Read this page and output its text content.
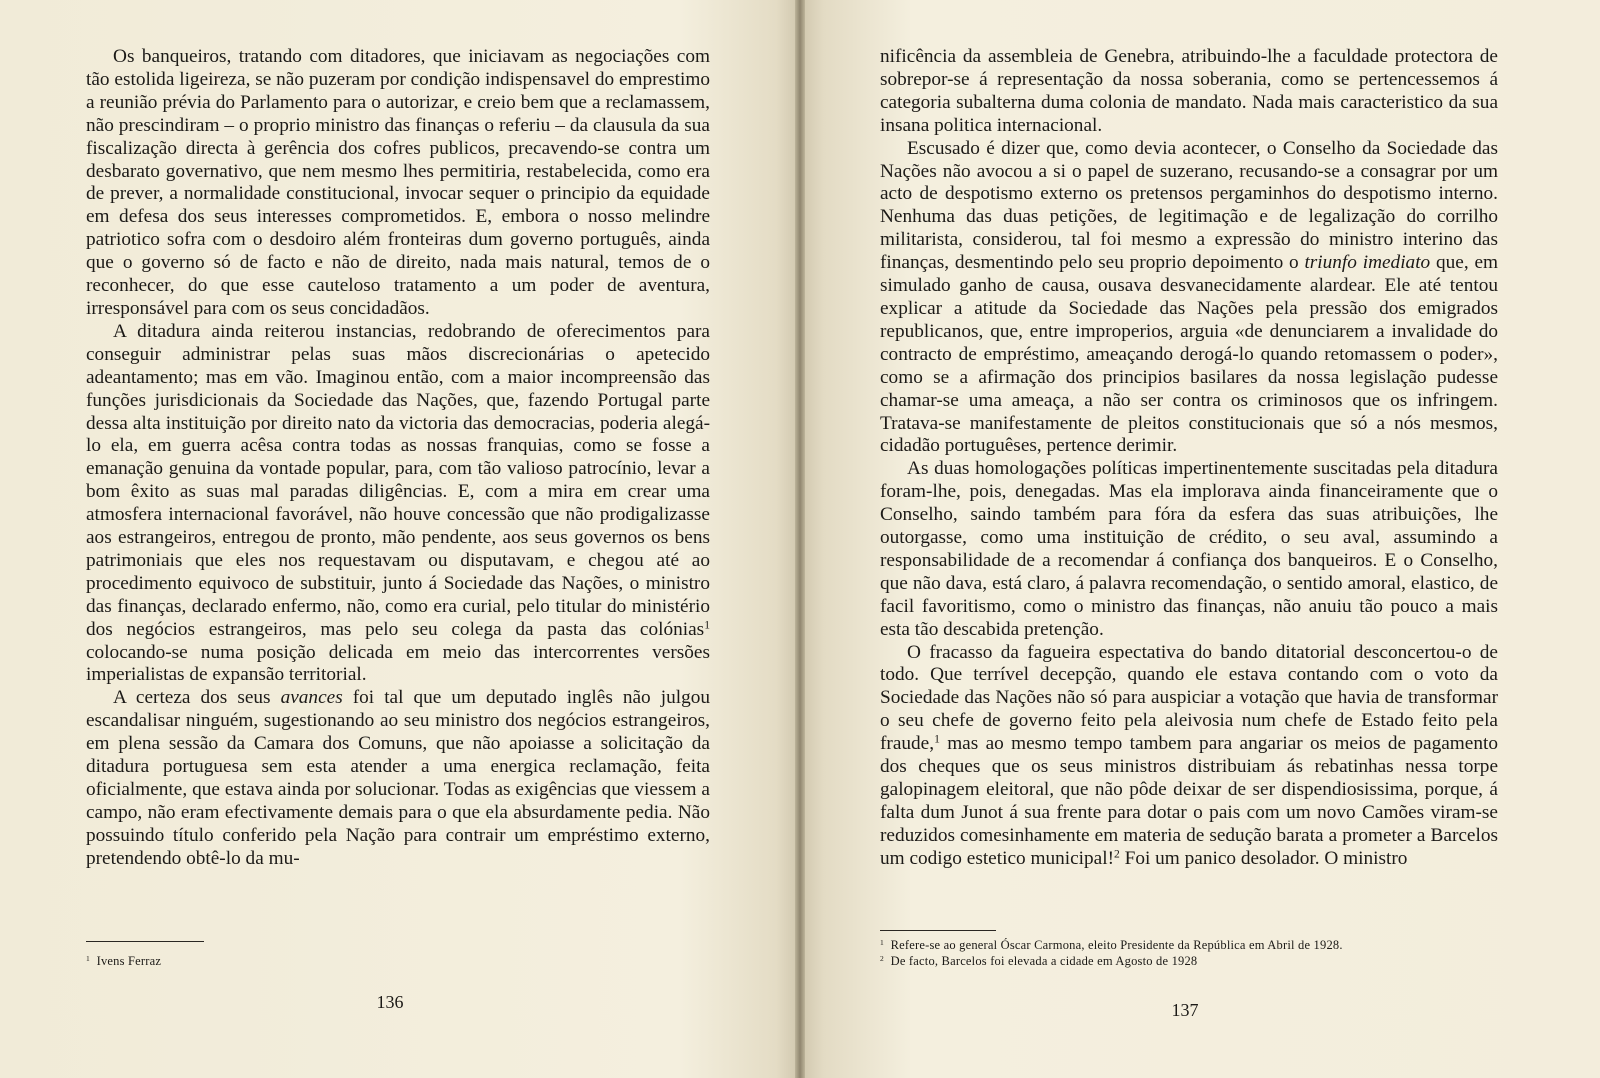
Os banqueiros, tratando com ditadores, que iniciavam as negociações com tão estolida ligeireza, se não puzeram por condição indispensavel do emprestimo a reunião prévia do Parlamento para o autorizar, e creio bem que a reclamassem, não prescindiram – o proprio ministro das finanças o referiu – da clausula da sua fiscalização directa à gerência dos cofres publicos, precavendo-se contra um desbarato governativo, que nem mesmo lhes permitiria, restabelecida, como era de prever, a normalidade constitucional, invocar sequer o principio da equidade em defesa dos seus interesses comprometidos. E, embora o nosso melindre patriotico sofra com o desdoiro além fronteiras dum governo português, ainda que o governo só de facto e não de direito, nada mais natural, temos de o reconhecer, do que esse cauteloso tratamento a um poder de aventura, irresponsável para com os seus concidadãos.

A ditadura ainda reiterou instancias, redobrando de oferecimentos para conseguir administrar pelas suas mãos discrecionárias o apetecido adeantamento; mas em vão. Imaginou então, com a maior incompreensão das funções jurisdicionais da Sociedade das Nações, que, fazendo Portugal parte dessa alta instituição por direito nato da victoria das democracias, poderia alegá-lo ela, em guerra acêsa contra todas as nossas franquias, como se fosse a emanação genuina da vontade popular, para, com tão valioso patrocínio, levar a bom êxito as suas mal paradas diligências. E, com a mira em crear uma atmosfera internacional favorável, não houve concessão que não prodigalizasse aos estrangeiros, entregou de pronto, mão pendente, aos seus governos os bens patrimoniais que eles nos requestavam ou disputavam, e chegou até ao procedimento equivoco de substituir, junto á Sociedade das Nações, o ministro das finanças, declarado enfermo, não, como era curial, pelo titular do ministério dos negócios estrangeiros, mas pelo seu colega da pasta das colónias$^1$ colocando-se numa posição delicada em meio das intercorrentes versões imperialistas de expansão territorial.

A certeza dos seus avances foi tal que um deputado inglês não julgou escandalisar ninguém, sugestionando ao seu ministro dos negócios estrangeiros, em plena sessão da Camara dos Comuns, que não apoiasse a solicitação da ditadura portuguesa sem esta atender a uma energica reclamação, feita oficialmente, que estava ainda por solucionar. Todas as exigências que viessem a campo, não eram efectivamente demais para o que ela absurdamente pedia. Não possuindo título conferido pela Nação para contrair um empréstimo externo, pretendendo obtê-lo da mu-

$^1$ Ivens Ferraz

136

nificência da assembleia de Genebra, atribuindo-lhe a faculdade protectora de sobrepor-se á representação da nossa soberania, como se pertencessemos á categoria subalterna duma colonia de mandato. Nada mais caracteristico da sua insana politica internacional.

Escusado é dizer que, como devia acontecer, o Conselho da Sociedade das Nações não avocou a si o papel de suzerano, recusando-se a consagrar por um acto de despotismo externo os pretensos pergaminhos do despotismo interno. Nenhuma das duas petições, de legitimação e de legalização do corrilho militarista, considerou, tal foi mesmo a expressão do ministro interino das finanças, desmentindo pelo seu proprio depoimento o triunfo imediato que, em simulado ganho de causa, ousava desvanecidamente alardear. Ele até tentou explicar a atitude da Sociedade das Nações pela pressão dos emigrados republicanos, que, entre improperios, arguia «de denunciarem a invalidade do contracto de empréstimo, ameaçando derogá-lo quando retomassem o poder», como se a afirmação dos principios basilares da nossa legislação pudesse chamar-se uma ameaça, a não ser contra os criminosos que os infringem. Tratava-se manifestamente de pleitos constitucionais que só a nós mesmos, cidadão portuguêses, pertence derimir.

As duas homologações políticas impertinentemente suscitadas pela ditadura foram-lhe, pois, denegadas. Mas ela implorava ainda financeiramente que o Conselho, saindo também para fóra da esfera das suas atribuições, lhe outorgasse, como uma instituição de crédito, o seu aval, assumindo a responsabilidade de a recomendar á confiança dos banqueiros. E o Conselho, que não dava, está claro, á palavra recomendação, o sentido amoral, elastico, de facil favoritismo, como o ministro das finanças, não anuiu tão pouco a mais esta tão descabida pretenção.

O fracasso da fagueira espectativa do bando ditatorial desconcertou-o de todo. Que terrível decepção, quando ele estava contando com o voto da Sociedade das Nações não só para auspiciar a votação que havia de transformar o seu chefe de governo feito pela aleivosia num chefe de Estado feito pela fraude,$^1$ mas ao mesmo tempo tambem para angariar os meios de pagamento dos cheques que os seus ministros distribuiam ás rebatinhas nessa torpe galopinagem eleitoral, que não pôde deixar de ser dispendiosissima, porque, á falta dum Junot á sua frente para dotar o pais com um novo Camões viram-se reduzidos comesinhamente em materia de sedução barata a prometer a Barcelos um codigo estetico municipal!$^2$ Foi um panico desolador. O ministro

$^1$ Refere-se ao general Óscar Carmona, eleito Presidente da República em Abril de 1928.

$^2$ De facto, Barcelos foi elevada a cidade em Agosto de 1928

137
